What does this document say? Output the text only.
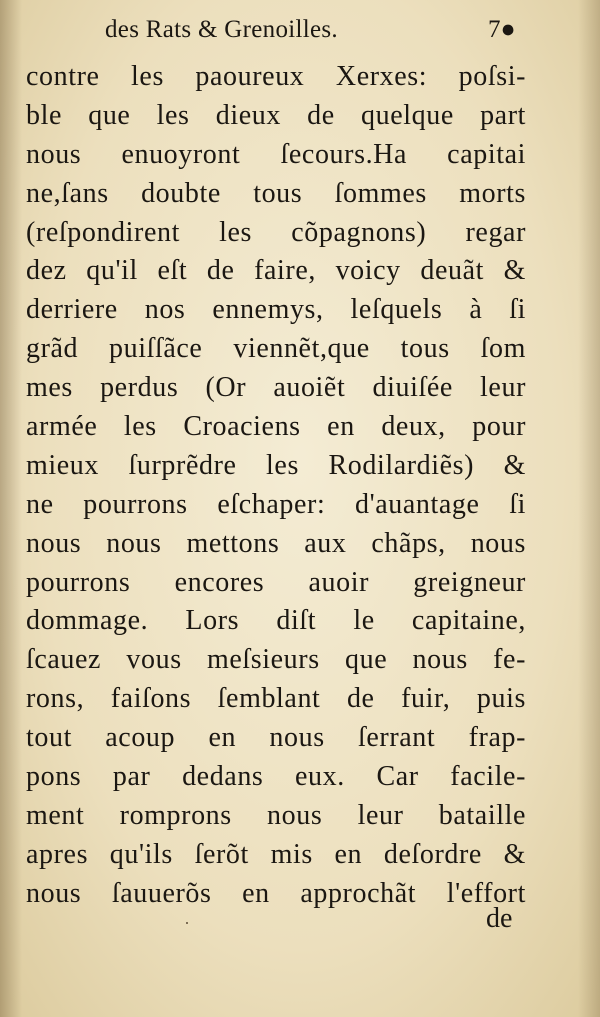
des Rats & Grenoilles.	7●
contre les paoureux Xerxes: poſsi-
ble que les dieux de quelque part
nous enuoyront ſecours.Ha capitai
ne,ſans doubte tous ſommes morts
(reſpondirent les cõpagnons) regar
dez qu'il eſt de faire, voicy deuãt &
derriere nos ennemys, leſquels à ſi
grãd puiſſãce viennẽt,que tous ſom
mes perdus (Or auoiẽt diuiſée leur
armée les Croaciens en deux, pour
mieux ſurprẽdre les Rodilardiẽs) &
ne pourrons eſchaper: d'auantage ſi
nous nous mettons aux chãps, nous
pourrons encores auoir greigneur
dommage. Lors diſt le capitaine,
ſcauez vous meſsieurs que nous fe-
rons, faiſons ſemblant de fuir, puis
tout acoup en nous ſerrant frap-
pons par dedans eux. Car facile-
ment romprons nous leur bataille
apres qu'ils ſerõt mis en deſordre &
nous ſauuerõs en approchãt l'effort
de
